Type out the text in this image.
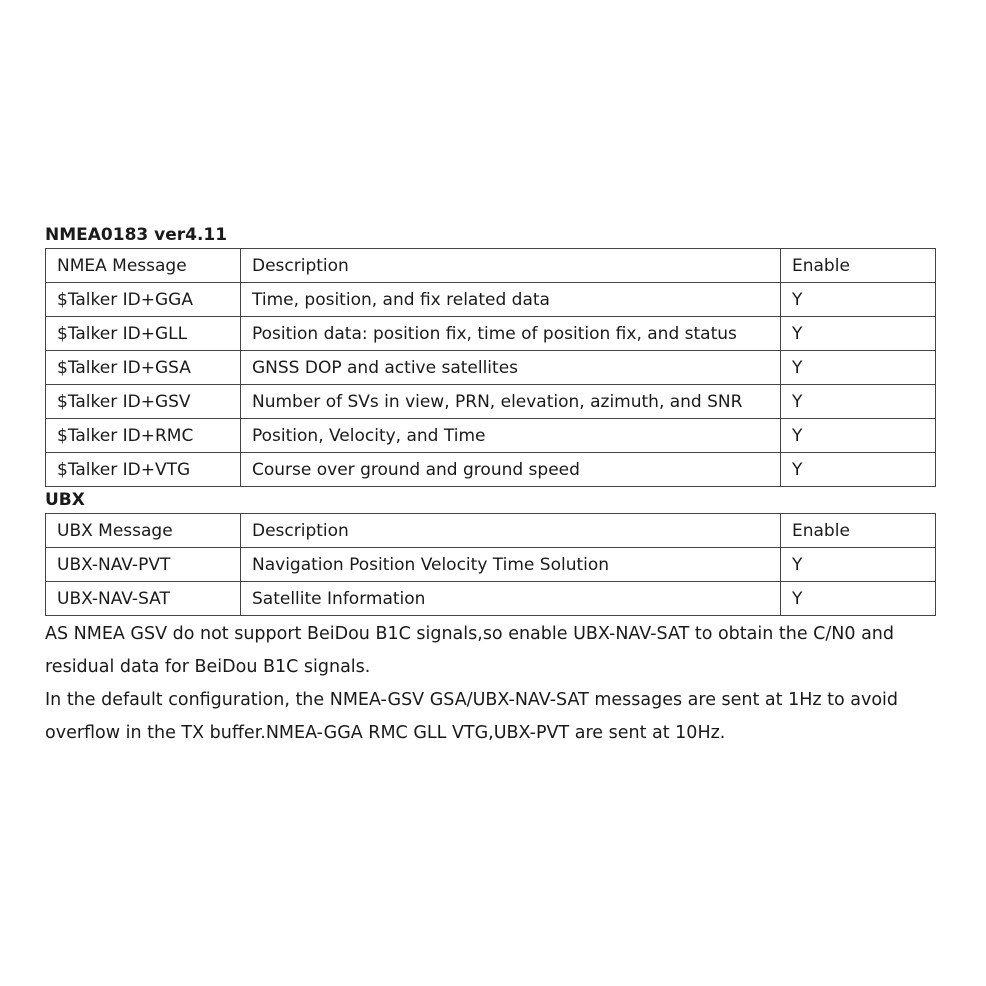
NMEA0183 ver4.11
NMEA Message	Description	Enable
$Talker ID+GGA	Time, position, and fix related data	Y
$Talker ID+GLL	Position data: position fix, time of position fix, and status	Y
$Talker ID+GSA	GNSS DOP and active satellites	Y
$Talker ID+GSV	Number of SVs in view, PRN, elevation, azimuth, and SNR	Y
$Talker ID+RMC	Position, Velocity, and Time	Y
$Talker ID+VTG	Course over ground and ground speed	Y
UBX
UBX Message	Description	Enable
UBX-NAV-PVT	Navigation Position Velocity Time Solution	Y
UBX-NAV-SAT	Satellite Information	Y

AS NMEA GSV do not support BeiDou B1C signals,so enable UBX-NAV-SAT to obtain the C/N0 and residual data for BeiDou B1C signals.

In the default configuration, the NMEA-GSV GSA/UBX-NAV-SAT messages are sent at 1Hz to avoid overflow in the TX buffer.NMEA-GGA RMC GLL VTG,UBX-PVT are sent at 10Hz.
